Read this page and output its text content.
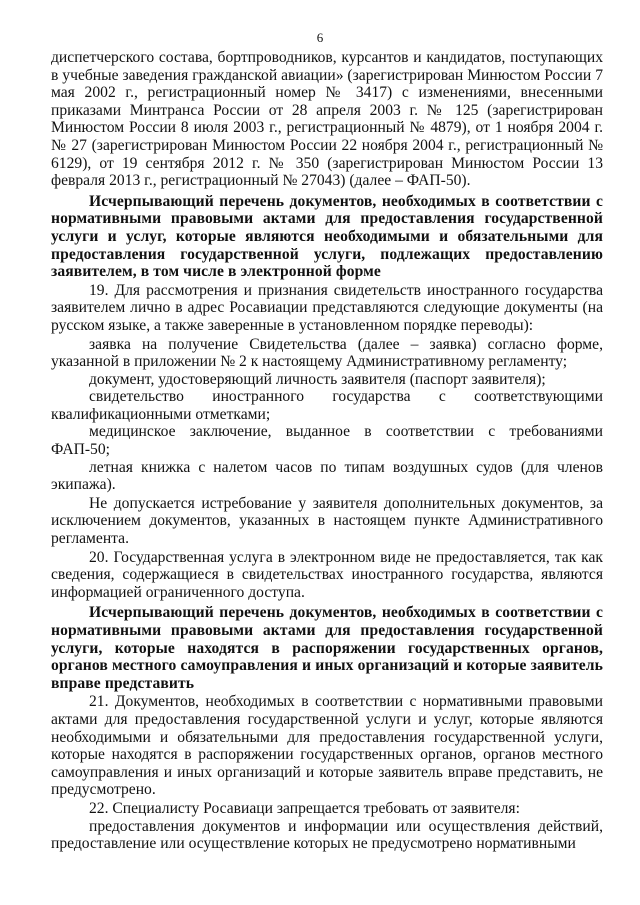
6

диспетчерского состава, бортпроводников, курсантов и кандидатов, поступающих в учебные заведения гражданской авиации» (зарегистрирован Минюстом России 7 мая 2002 г., регистрационный номер № 3417) с изменениями, внесенными приказами Минтранса России от 28 апреля 2003 г. № 125 (зарегистрирован Минюстом России 8 июля 2003 г., регистрационный № 4879), от 1 ноября 2004 г. № 27 (зарегистрирован Минюстом России 22 ноября 2004 г., регистрационный № 6129), от 19 сентября 2012 г. № 350 (зарегистрирован Минюстом России 13 февраля 2013 г., регистрационный № 27043) (далее – ФАП-50).

Исчерпывающий перечень документов, необходимых в соответствии с нормативными правовыми актами для предоставления государственной услуги и услуг, которые являются необходимыми и обязательными для предоставления государственной услуги, подлежащих предоставлению заявителем, в том числе в электронной форме

19. Для рассмотрения и признания свидетельств иностранного государства заявителем лично в адрес Росавиации представляются следующие документы (на русском языке, а также заверенные в установленном порядке переводы):

заявка на получение Свидетельства (далее – заявка) согласно форме, указанной в приложении № 2 к настоящему Административному регламенту;

документ, удостоверяющий личность заявителя (паспорт заявителя);

свидетельство иностранного государства с соответствующими квалификационными отметками;

медицинское заключение, выданное в соответствии с требованиями ФАП-50;

летная книжка с налетом часов по типам воздушных судов (для членов экипажа).

Не допускается истребование у заявителя дополнительных документов, за исключением документов, указанных в настоящем пункте Административного регламента.

20. Государственная услуга в электронном виде не предоставляется, так как сведения, содержащиеся в свидетельствах иностранного государства, являются информацией ограниченного доступа.

Исчерпывающий перечень документов, необходимых в соответствии с нормативными правовыми актами для предоставления государственной услуги, которые находятся в распоряжении государственных органов, органов местного самоуправления и иных организаций и которые заявитель вправе представить

21. Документов, необходимых в соответствии с нормативными правовыми актами для предоставления государственной услуги и услуг, которые являются необходимыми и обязательными для предоставления государственной услуги, которые находятся в распоряжении государственных органов, органов местного самоуправления и иных организаций и которые заявитель вправе представить, не предусмотрено.

22. Специалисту Росавиаци запрещается требовать от заявителя:

предоставления документов и информации или осуществления действий, предоставление или осуществление которых не предусмотрено нормативными
